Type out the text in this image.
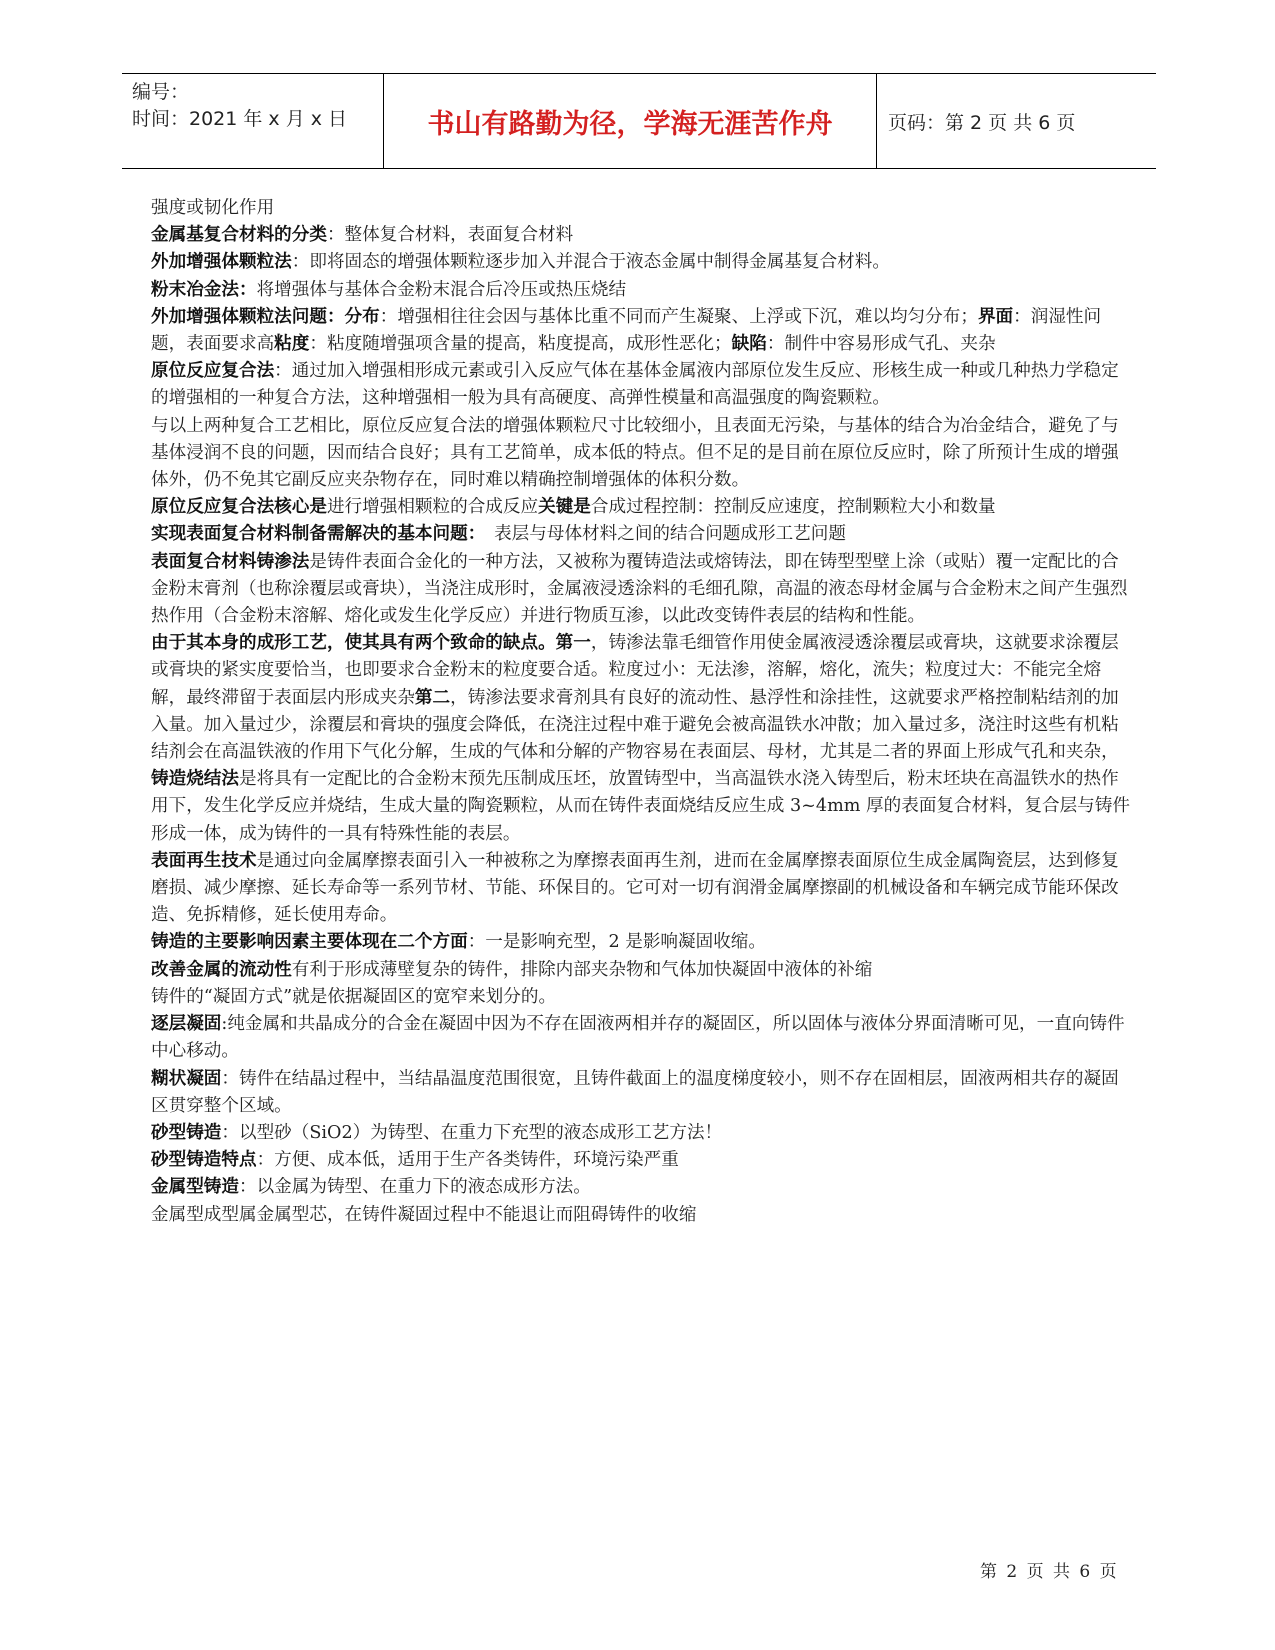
编号：
时间：2021 年 x 月 x 日	书山有路勤为径，学海无涯苦作舟	页码：第 2 页 共 6 页

强度或韧化作用

金属基复合材料的分类：整体复合材料，表面复合材料

外加增强体颗粒法：即将固态的增强体颗粒逐步加入并混合于液态金属中制得金属基复合材料。

粉末冶金法：将增强体与基体合金粉末混合后冷压或热压烧结

外加增强体颗粒法问题：分布：增强相往往会因与基体比重不同而产生凝聚、上浮或下沉，难以均匀分布；界面：润湿性问题，表面要求高粘度：粘度随增强项含量的提高，粘度提高，成形性恶化；缺陷：制件中容易形成气孔、夹杂

原位反应复合法：通过加入增强相形成元素或引入反应气体在基体金属液内部原位发生反应、形核生成一种或几种热力学稳定的增强相的一种复合方法，这种增强相一般为具有高硬度、高弹性模量和高温强度的陶瓷颗粒。

与以上两种复合工艺相比，原位反应复合法的增强体颗粒尺寸比较细小，且表面无污染，与基体的结合为冶金结合，避免了与基体浸润不良的问题，因而结合良好；具有工艺简单，成本低的特点。但不足的是目前在原位反应时，除了所预计生成的增强体外，仍不免其它副反应夹杂物存在，同时难以精确控制增强体的体积分数。

原位反应复合法核心是进行增强相颗粒的合成反应关键是合成过程控制：控制反应速度，控制颗粒大小和数量

实现表面复合材料制备需解决的基本问题：　表层与母体材料之间的结合问题成形工艺问题

表面复合材料铸渗法是铸件表面合金化的一种方法，又被称为覆铸造法或熔铸法，即在铸型型壁上涂（或贴）覆一定配比的合金粉末膏剂（也称涂覆层或膏块），当浇注成形时，金属液浸透涂料的毛细孔隙，高温的液态母材金属与合金粉末之间产生强烈热作用（合金粉末溶解、熔化或发生化学反应）并进行物质互渗，以此改变铸件表层的结构和性能。

由于其本身的成形工艺，使其具有两个致命的缺点。第一，铸渗法靠毛细管作用使金属液浸透涂覆层或膏块，这就要求涂覆层或膏块的紧实度要恰当，也即要求合金粉末的粒度要合适。粒度过小：无法渗，溶解，熔化，流失；粒度过大：不能完全熔解，最终滞留于表面层内形成夹杂第二，铸渗法要求膏剂具有良好的流动性、悬浮性和涂挂性，这就要求严格控制粘结剂的加入量。加入量过少，涂覆层和膏块的强度会降低，在浇注过程中难于避免会被高温铁水冲散；加入量过多，浇注时这些有机粘结剂会在高温铁液的作用下气化分解，生成的气体和分解的产物容易在表面层、母材，尤其是二者的界面上形成气孔和夹杂，

铸造烧结法是将具有一定配比的合金粉末预先压制成压坯，放置铸型中，当高温铁水浇入铸型后，粉末坯块在高温铁水的热作用下，发生化学反应并烧结，生成大量的陶瓷颗粒，从而在铸件表面烧结反应生成 3~4mm 厚的表面复合材料，复合层与铸件形成一体，成为铸件的一具有特殊性能的表层。

表面再生技术是通过向金属摩擦表面引入一种被称之为摩擦表面再生剂，进而在金属摩擦表面原位生成金属陶瓷层，达到修复磨损、减少摩擦、延长寿命等一系列节材、节能、环保目的。它可对一切有润滑金属摩擦副的机械设备和车辆完成节能环保改造、免拆精修，延长使用寿命。

铸造的主要影响因素主要体现在二个方面：一是影响充型，2 是影响凝固收缩。

改善金属的流动性有利于形成薄壁复杂的铸件，排除内部夹杂物和气体加快凝固中液体的补缩

铸件的“凝固方式”就是依据凝固区的宽窄来划分的。

逐层凝固:纯金属和共晶成分的合金在凝固中因为不存在固液两相并存的凝固区，所以固体与液体分界面清晰可见，一直向铸件中心移动。

糊状凝固：铸件在结晶过程中，当结晶温度范围很宽，且铸件截面上的温度梯度较小，则不存在固相层，固液两相共存的凝固区贯穿整个区域。

砂型铸造：以型砂（SiO2）为铸型、在重力下充型的液态成形工艺方法！

砂型铸造特点：方便、成本低，适用于生产各类铸件，环境污染严重

金属型铸造：以金属为铸型、在重力下的液态成形方法。

金属型成型属金属型芯，在铸件凝固过程中不能退让而阻碍铸件的收缩

第 2 页 共 6 页
